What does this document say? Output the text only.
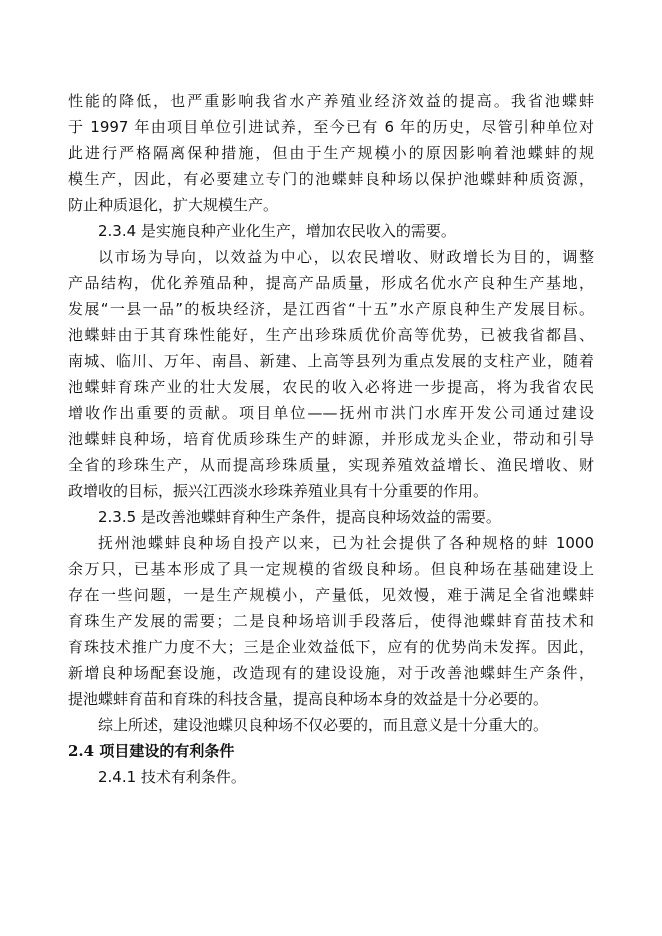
性能的降低，也严重影响我省水产养殖业经济效益的提高。我省池蝶蚌
于 1997 年由项目单位引进试养，至今已有 6 年的历史，尽管引种单位对
此进行严格隔离保种措施，但由于生产规模小的原因影响着池蝶蚌的规
模生产，因此，有必要建立专门的池蝶蚌良种场以保护池蝶蚌种质资源，
防止种质退化，扩大规模生产。
2.3.4 是实施良种产业化生产，增加农民收入的需要。
以市场为导向，以效益为中心，以农民增收、财政增长为目的，调整
产品结构，优化养殖品种，提高产品质量，形成名优水产良种生产基地，
发展“一县一品”的板块经济，是江西省“十五”水产原良种生产发展目标。
池蝶蚌由于其育珠性能好，生产出珍珠质优价高等优势，已被我省都昌、
南城、临川、万年、南昌、新建、上高等县列为重点发展的支柱产业，随着
池蝶蚌育珠产业的壮大发展，农民的收入必将进一步提高，将为我省农民
增收作出重要的贡献。项目单位——抚州市洪门水库开发公司通过建设
池蝶蚌良种场，培育优质珍珠生产的蚌源，并形成龙头企业，带动和引导
全省的珍珠生产，从而提高珍珠质量，实现养殖效益增长、渔民增收、财
政增收的目标，振兴江西淡水珍珠养殖业具有十分重要的作用。
2.3.5 是改善池蝶蚌育种生产条件，提高良种场效益的需要。
抚州池蝶蚌良种场自投产以来，已为社会提供了各种规格的蚌 1000
余万只，已基本形成了具一定规模的省级良种场。但良种场在基础建设上
存在一些问题，一是生产规模小，产量低，见效慢，难于满足全省池蝶蚌
育珠生产发展的需要；二是良种场培训手段落后，使得池蝶蚌育苗技术和
育珠技术推广力度不大；三是企业效益低下，应有的优势尚未发挥。因此，
新增良种场配套设施，改造现有的建设设施，对于改善池蝶蚌生产条件，
提池蝶蚌育苗和育珠的科技含量，提高良种场本身的效益是十分必要的。
综上所述，建设池蝶贝良种场不仅必要的，而且意义是十分重大的。
2.4 项目建设的有利条件
2.4.1 技术有利条件。
